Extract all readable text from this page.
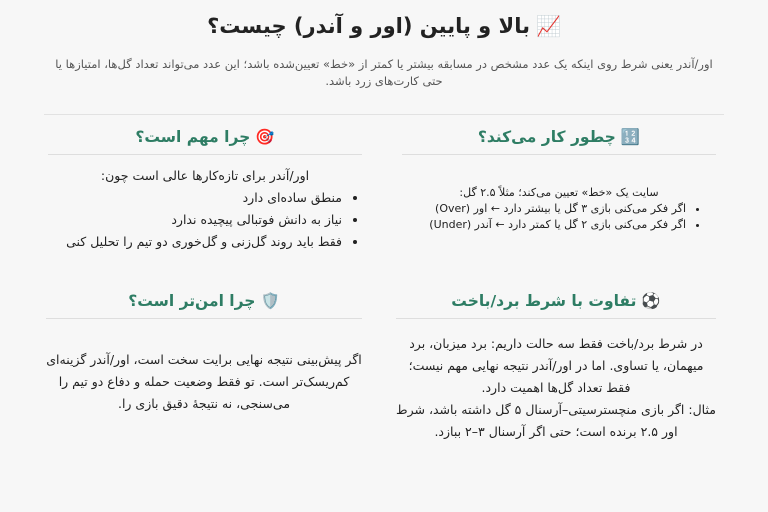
📈بالا و پایین (اور و آندر) چیست؟
اور/آندر یعنی شرط روی اینکه یک عدد مشخص در مسابقه بیشتر یا کمتر از «خط» تعیین‌شده باشد؛ این عدد می‌تواند تعداد گل‌ها، امتیازها یا حتی کارت‌های زرد باشد.
🔢چطور کار می‌کند؟

سایت یک «خط» تعیین می‌کند؛ مثلاً ۲.۵ گل:

• اگر فکر می‌کنی بازی ۳ گل یا بیشتر دارد ← اور (Over)
• اگر فکر می‌کنی بازی ۲ گل یا کمتر دارد ← آندر (Under)
🎯چرا مهم است؟

اور/آندر برای تازه‌کارها عالی است چون:

• منطق ساده‌ای دارد
• نیاز به دانش فوتبالی پیچیده ندارد
• فقط باید روند گل‌زنی و گل‌خوری دو تیم را تحلیل کنی
⚽تفاوت با شرط برد/باخت

در شرط برد/باخت فقط سه حالت داریم: برد میزبان، برد میهمان، یا تساوی. اما در اور/آندر نتیجه نهایی مهم نیست؛ فقط تعداد گل‌ها اهمیت دارد.

مثال: اگر بازی منچسترسیتی–آرسنال ۵ گل داشته باشد، شرط اور ۲.۵ برنده است؛ حتی اگر آرسنال ۳–۲ ببازد.

🛡️چرا امن‌تر است؟

اگر پیش‌بینی نتیجه نهایی برایت سخت است، اور/آندر گزینه‌ای کم‌ریسک‌تر است. تو فقط وضعیت حمله و دفاع دو تیم را می‌سنجی، نه نتیجهٔ دقیق بازی را.
